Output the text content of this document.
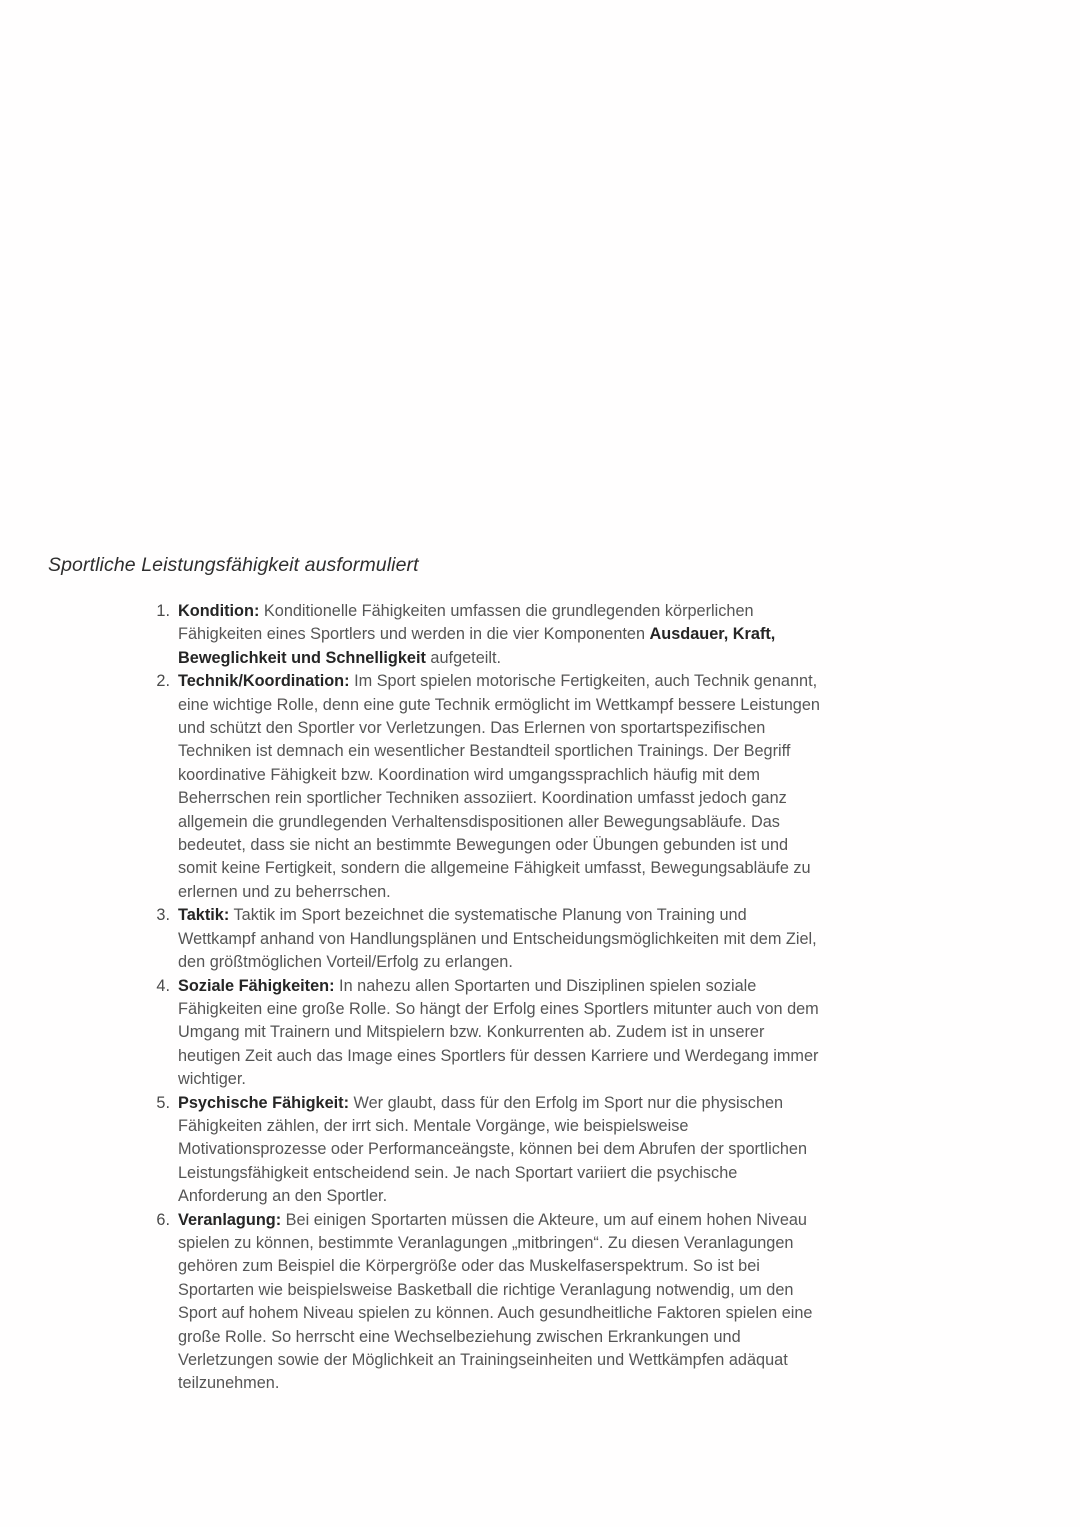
Sportliche Leistungsfähigkeit ausformuliert
1. Kondition: Konditionelle Fähigkeiten umfassen die grundlegenden körperlichen Fähigkeiten eines Sportlers und werden in die vier Komponenten Ausdauer, Kraft, Beweglichkeit und Schnelligkeit aufgeteilt.
2. Technik/Koordination: Im Sport spielen motorische Fertigkeiten, auch Technik genannt, eine wichtige Rolle, denn eine gute Technik ermöglicht im Wettkampf bessere Leistungen und schützt den Sportler vor Verletzungen. Das Erlernen von sportartspezifischen Techniken ist demnach ein wesentlicher Bestandteil sportlichen Trainings. Der Begriff koordinative Fähigkeit bzw. Koordination wird umgangssprachlich häufig mit dem Beherrschen rein sportlicher Techniken assoziiert. Koordination umfasst jedoch ganz allgemein die grundlegenden Verhaltensdispositionen aller Bewegungsabläufe. Das bedeutet, dass sie nicht an bestimmte Bewegungen oder Übungen gebunden ist und somit keine Fertigkeit, sondern die allgemeine Fähigkeit umfasst, Bewegungsabläufe zu erlernen und zu beherrschen.
3. Taktik: Taktik im Sport bezeichnet die systematische Planung von Training und Wettkampf anhand von Handlungsplänen und Entscheidungsmöglichkeiten mit dem Ziel, den größtmöglichen Vorteil/Erfolg zu erlangen.
4. Soziale Fähigkeiten: In nahezu allen Sportarten und Disziplinen spielen soziale Fähigkeiten eine große Rolle. So hängt der Erfolg eines Sportlers mitunter auch von dem Umgang mit Trainern und Mitspielern bzw. Konkurrenten ab. Zudem ist in unserer heutigen Zeit auch das Image eines Sportlers für dessen Karriere und Werdegang immer wichtiger.
5. Psychische Fähigkeit: Wer glaubt, dass für den Erfolg im Sport nur die physischen Fähigkeiten zählen, der irrt sich. Mentale Vorgänge, wie beispielsweise Motivationsprozesse oder Performanceängste, können bei dem Abrufen der sportlichen Leistungsfähigkeit entscheidend sein. Je nach Sportart variiert die psychische Anforderung an den Sportler.
6. Veranlagung: Bei einigen Sportarten müssen die Akteure, um auf einem hohen Niveau spielen zu können, bestimmte Veranlagungen „mitbringen“. Zu diesen Veranlagungen gehören zum Beispiel die Körpergröße oder das Muskelfaserspektrum. So ist bei Sportarten wie beispielsweise Basketball die richtige Veranlagung notwendig, um den Sport auf hohem Niveau spielen zu können. Auch gesundheitliche Faktoren spielen eine große Rolle. So herrscht eine Wechselbeziehung zwischen Erkrankungen und Verletzungen sowie der Möglichkeit an Trainingseinheiten und Wettkämpfen adäquat teilzunehmen.
